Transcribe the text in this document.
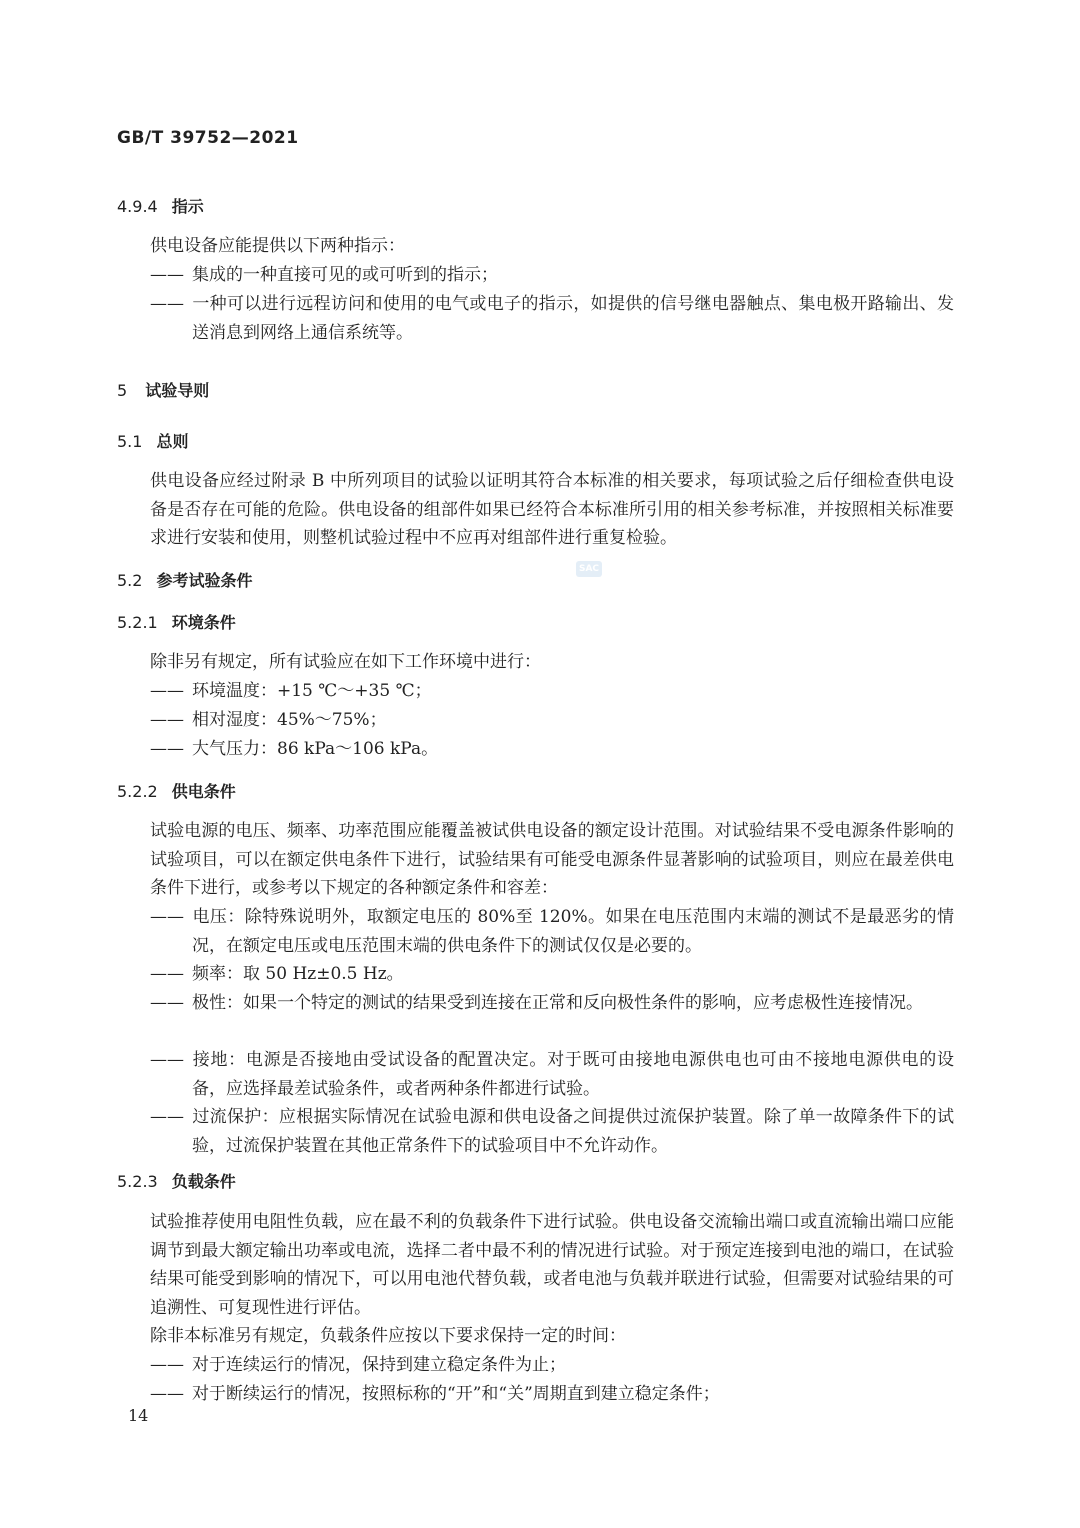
GB/T 39752—2021
4.9.4 指示
供电设备应能提供以下两种指示：
—— 集成的一种直接可见的或可听到的指示；
—— 一种可以进行远程访问和使用的电气或电子的指示，如提供的信号继电器触点、集电极开路输出、发送消息到网络上通信系统等。
5 试验导则
5.1 总则
供电设备应经过附录 B 中所列项目的试验以证明其符合本标准的相关要求，每项试验之后仔细检查供电设备是否存在可能的危险。供电设备的组部件如果已经符合本标准所引用的相关参考标准，并按照相关标准要求进行安装和使用，则整机试验过程中不应再对组部件进行重复检验。
5.2 参考试验条件
SAC
5.2.1 环境条件
除非另有规定，所有试验应在如下工作环境中进行：
—— 环境温度：+15 ℃～+35 ℃；
—— 相对湿度：45%～75%；
—— 大气压力：86 kPa～106 kPa。
5.2.2 供电条件
试验电源的电压、频率、功率范围应能覆盖被试供电设备的额定设计范围。对试验结果不受电源条件影响的试验项目，可以在额定供电条件下进行，试验结果有可能受电源条件显著影响的试验项目，则应在最差供电条件下进行，或参考以下规定的各种额定条件和容差：
—— 电压：除特殊说明外，取额定电压的 80%至 120%。如果在电压范围内末端的测试不是最恶劣的情况，在额定电压或电压范围末端的供电条件下的测试仅仅是必要的。
—— 频率：取 50 Hz±0.5 Hz。
—— 极性：如果一个特定的测试的结果受到连接在正常和反向极性条件的影响，应考虑极性连接情况。
—— 接地：电源是否接地由受试设备的配置决定。对于既可由接地电源供电也可由不接地电源供电的设备，应选择最差试验条件，或者两种条件都进行试验。
—— 过流保护：应根据实际情况在试验电源和供电设备之间提供过流保护装置。除了单一故障条件下的试验，过流保护装置在其他正常条件下的试验项目中不允许动作。
5.2.3 负载条件
试验推荐使用电阻性负载，应在最不利的负载条件下进行试验。供电设备交流输出端口或直流输出端口应能调节到最大额定输出功率或电流，选择二者中最不利的情况进行试验。对于预定连接到电池的端口，在试验结果可能受到影响的情况下，可以用电池代替负载，或者电池与负载并联进行试验，但需要对试验结果的可追溯性、可复现性进行评估。
除非本标准另有规定，负载条件应按以下要求保持一定的时间：
—— 对于连续运行的情况，保持到建立稳定条件为止；
—— 对于断续运行的情况，按照标称的“开”和“关”周期直到建立稳定条件；
14
